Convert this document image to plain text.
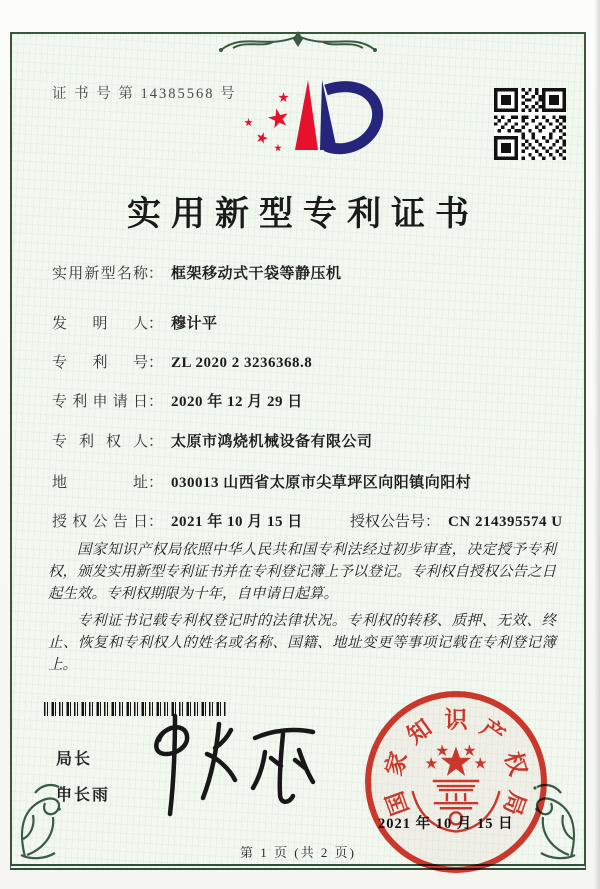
证 书 号 第 14385568 号
实用新型专利证书
实用新型名称： 框架移动式干袋等静压机
发明人： 穆计平
专利号： ZL 2020 2 3236368.8
专利申请日： 2020 年 12 月 29 日
专利权人： 太原市鸿烧机械设备有限公司
地址： 030013 山西省太原市尖草坪区向阳镇向阳村
授权公告日： 2021 年 10 月 15 日	授权公告号： CN 214395574 U

国家知识产权局依照中华人民共和国专利法经过初步审查，决定授予专利权，颁发实用新型专利证书并在专利登记簿上予以登记。专利权自授权公告之日起生效。专利权期限为十年，自申请日起算。

专利证书记载专利权登记时的法律状况。专利权的转移、质押、无效、终止、恢复和专利权人的姓名或名称、国籍、地址变更等事项记载在专利登记簿上。

局长
申长雨	国
家
知 识 产
权
局
2021 年 10 月 15 日
第 1 页 (共 2 页)
